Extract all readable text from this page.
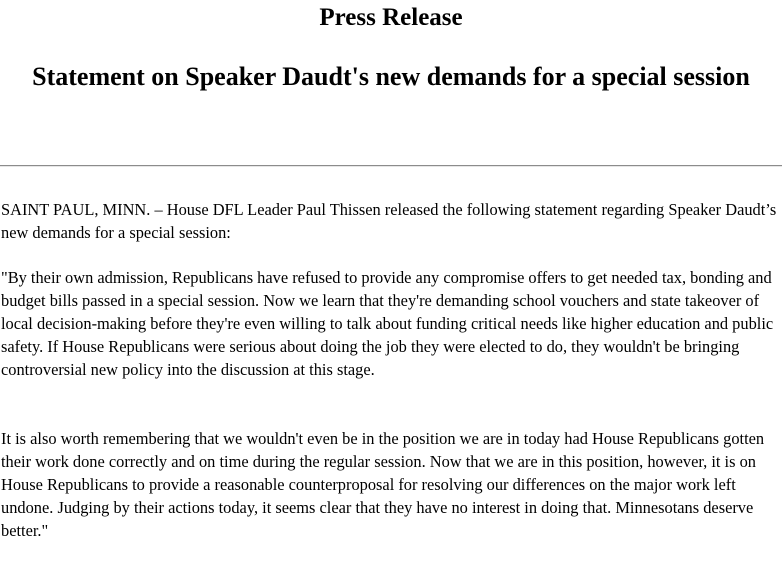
Press Release
Statement on Speaker Daudt's new demands for a special session

SAINT PAUL, MINN. – House DFL Leader Paul Thissen released the following statement regarding Speaker Daudt’s new demands for a special session:

"By their own admission, Republicans have refused to provide any compromise offers to get needed tax, bonding and budget bills passed in a special session. Now we learn that they're demanding school vouchers and state takeover of local decision-making before they're even willing to talk about funding critical needs like higher education and public safety. If House Republicans were serious about doing the job they were elected to do, they wouldn't be bringing controversial new policy into the discussion at this stage.

It is also worth remembering that we wouldn't even be in the position we are in today had House Republicans gotten their work done correctly and on time during the regular session. Now that we are in this position, however, it is on House Republicans to provide a reasonable counterproposal for resolving our differences on the major work left undone. Judging by their actions today, it seems clear that they have no interest in doing that. Minnesotans deserve better."
